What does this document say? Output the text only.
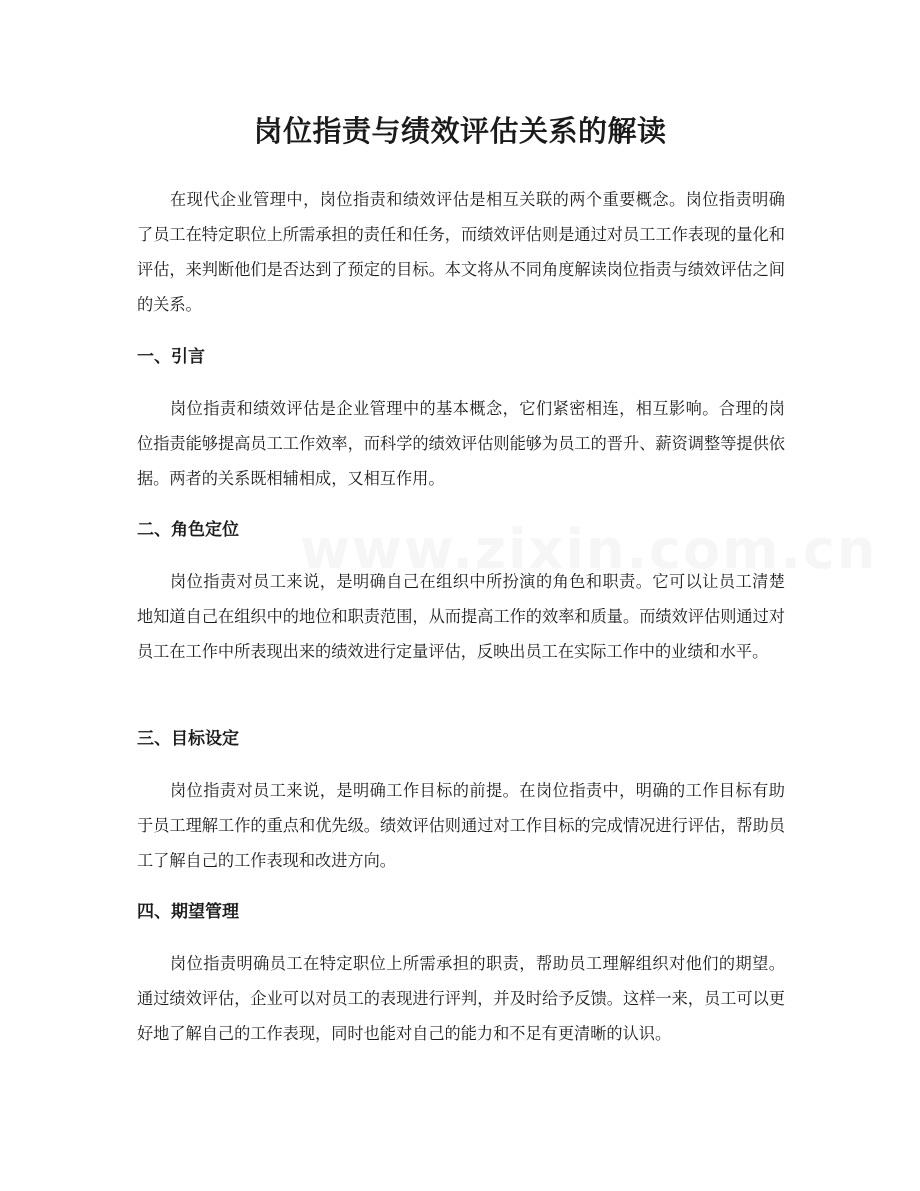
岗位指责与绩效评估关系的解读

在现代企业管理中，岗位指责和绩效评估是相互关联的两个重要概念。岗位指责明确了员工在特定职位上所需承担的责任和任务，而绩效评估则是通过对员工工作表现的量化和评估，来判断他们是否达到了预定的目标。本文将从不同角度解读岗位指责与绩效评估之间的关系。

一、引言

岗位指责和绩效评估是企业管理中的基本概念，它们紧密相连，相互影响。合理的岗位指责能够提高员工工作效率，而科学的绩效评估则能够为员工的晋升、薪资调整等提供依据。两者的关系既相辅相成，又相互作用。

二、角色定位

岗位指责对员工来说，是明确自己在组织中所扮演的角色和职责。它可以让员工清楚地知道自己在组织中的地位和职责范围，从而提高工作的效率和质量。而绩效评估则通过对员工在工作中所表现出来的绩效进行定量评估，反映出员工在实际工作中的业绩和水平。

三、目标设定

岗位指责对员工来说，是明确工作目标的前提。在岗位指责中，明确的工作目标有助于员工理解工作的重点和优先级。绩效评估则通过对工作目标的完成情况进行评估，帮助员工了解自己的工作表现和改进方向。

四、期望管理

岗位指责明确员工在特定职位上所需承担的职责，帮助员工理解组织对他们的期望。通过绩效评估，企业可以对员工的表现进行评判，并及时给予反馈。这样一来，员工可以更好地了解自己的工作表现，同时也能对自己的能力和不足有更清晰的认识。
